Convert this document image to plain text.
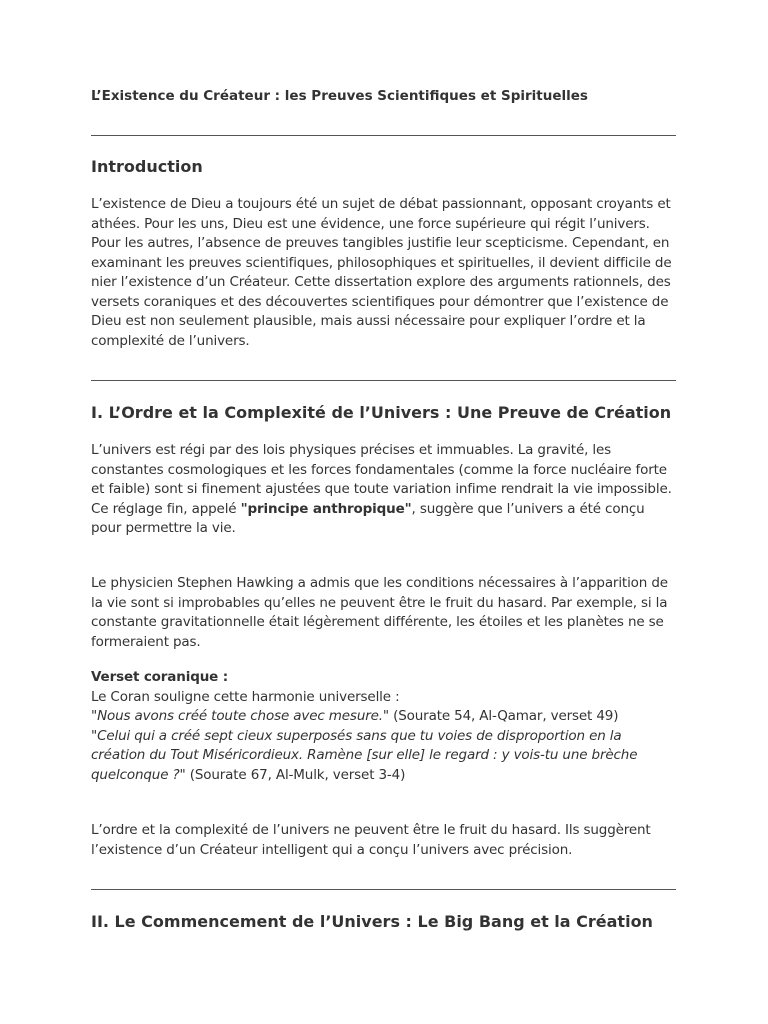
L’Existence du Créateur : les Preuves Scientifiques et Spirituelles
Introduction

L’existence de Dieu a toujours été un sujet de débat passionnant, opposant croyants et athées. Pour les uns, Dieu est une évidence, une force supérieure qui régit l’univers. Pour les autres, l’absence de preuves tangibles justifie leur scepticisme. Cependant, en examinant les preuves scientifiques, philosophiques et spirituelles, il devient difficile de nier l’existence d’un Créateur. Cette dissertation explore des arguments rationnels, des versets coraniques et des découvertes scientifiques pour démontrer que l’existence de Dieu est non seulement plausible, mais aussi nécessaire pour expliquer l’ordre et la complexité de l’univers.

I. L’Ordre et la Complexité de l’Univers : Une Preuve de Création

L’univers est régi par des lois physiques précises et immuables. La gravité, les constantes cosmologiques et les forces fondamentales (comme la force nucléaire forte et faible) sont si finement ajustées que toute variation infime rendrait la vie impossible. Ce réglage fin, appelé "principe anthropique", suggère que l’univers a été conçu pour permettre la vie.

Le physicien Stephen Hawking a admis que les conditions nécessaires à l’apparition de la vie sont si improbables qu’elles ne peuvent être le fruit du hasard. Par exemple, si la constante gravitationnelle était légèrement différente, les étoiles et les planètes ne se formeraient pas.

Verset coranique :
Le Coran souligne cette harmonie universelle :
"Nous avons créé toute chose avec mesure." (Sourate 54, Al-Qamar, verset 49)
"Celui qui a créé sept cieux superposés sans que tu voies de disproportion en la création du Tout Miséricordieux. Ramène [sur elle] le regard : y vois-tu une brèche quelconque ?" (Sourate 67, Al-Mulk, verset 3-4)

L’ordre et la complexité de l’univers ne peuvent être le fruit du hasard. Ils suggèrent l’existence d’un Créateur intelligent qui a conçu l’univers avec précision.

II. Le Commencement de l’Univers : Le Big Bang et la Création
